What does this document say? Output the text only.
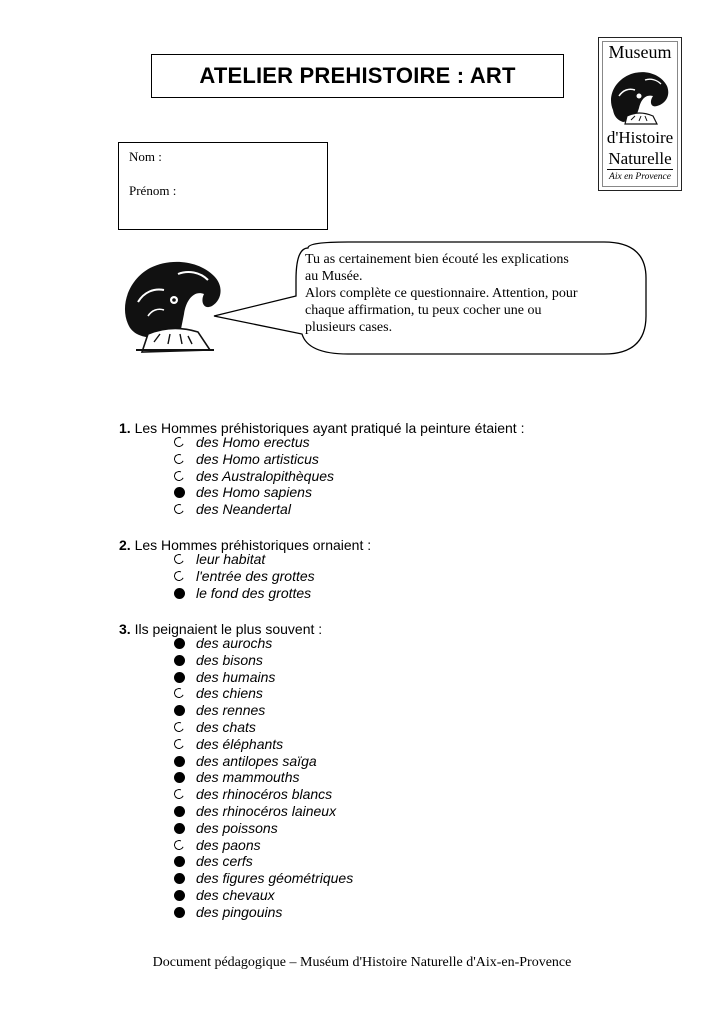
ATELIER PREHISTOIRE : ART
Museum
d'Histoire
Naturelle
Aix en Provence
Nom :
Prénom :
Tu as certainement bien écouté les explications
au Musée.
Alors complète ce questionnaire. Attention, pour
chaque affirmation, tu peux cocher une ou
plusieurs cases.
1. Les Hommes préhistoriques ayant pratiqué la peinture étaient :
des Homo erectus
des Homo artisticus
des Australopithèques
des Homo sapiens
des Neandertal
2. Les Hommes préhistoriques ornaient :
leur habitat
l'entrée des grottes
le fond des grottes
3. Ils peignaient le plus souvent :
des aurochs
des bisons
des humains
des chiens
des rennes
des chats
des éléphants
des antilopes saïga
des mammouths
des rhinocéros blancs
des rhinocéros laineux
des poissons
des paons
des cerfs
des figures géométriques
des chevaux
des pingouins
Document pédagogique – Muséum d'Histoire Naturelle d'Aix-en-Provence
